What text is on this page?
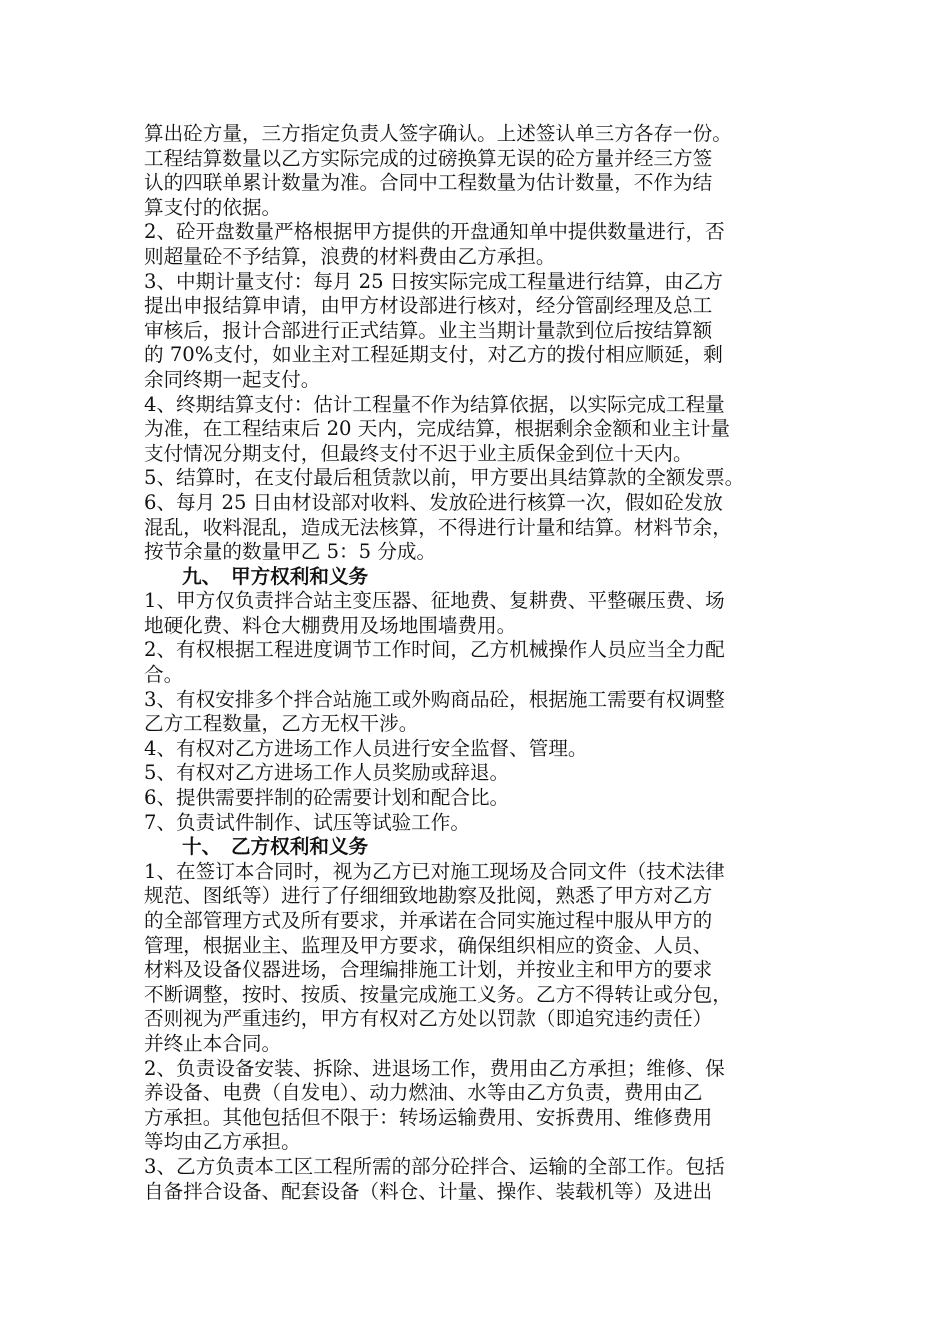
算出砼方量，三方指定负责人签字确认。上述签认单三方各存一份。
工程结算数量以乙方实际完成的过磅换算无误的砼方量并经三方签
认的四联单累计数量为准。合同中工程数量为估计数量，不作为结
算支付的依据。
2、砼开盘数量严格根据甲方提供的开盘通知单中提供数量进行，否
则超量砼不予结算，浪费的材料费由乙方承担。
3、中期计量支付：每月 25 日按实际完成工程量进行结算，由乙方
提出申报结算申请，由甲方材设部进行核对，经分管副经理及总工
审核后，报计合部进行正式结算。业主当期计量款到位后按结算额
的 70%支付，如业主对工程延期支付，对乙方的拨付相应顺延，剩
余同终期一起支付。
4、终期结算支付：估计工程量不作为结算依据，以实际完成工程量
为准，在工程结束后 20 天内，完成结算，根据剩余金额和业主计量
支付情况分期支付，但最终支付不迟于业主质保金到位十天内。
5、结算时，在支付最后租赁款以前，甲方要出具结算款的全额发票。
6、每月 25 日由材设部对收料、发放砼进行核算一次，假如砼发放
混乱，收料混乱，造成无法核算，不得进行计量和结算。材料节余，
按节余量的数量甲乙 5：5 分成。
九、　甲方权利和义务
1、甲方仅负责拌合站主变压器、征地费、复耕费、平整碾压费、场
地硬化费、料仓大棚费用及场地围墙费用。
2、有权根据工程进度调节工作时间，乙方机械操作人员应当全力配
合。
3、有权安排多个拌合站施工或外购商品砼，根据施工需要有权调整
乙方工程数量，乙方无权干涉。
4、有权对乙方进场工作人员进行安全监督、管理。
5、有权对乙方进场工作人员奖励或辞退。
6、提供需要拌制的砼需要计划和配合比。
7、负责试件制作、试压等试验工作。
十、　乙方权利和义务
1、在签订本合同时，视为乙方已对施工现场及合同文件（技术法律
规范、图纸等）进行了仔细细致地勘察及批阅，熟悉了甲方对乙方
的全部管理方式及所有要求，并承诺在合同实施过程中服从甲方的
管理，根据业主、监理及甲方要求，确保组织相应的资金、人员、
材料及设备仪器进场，合理编排施工计划，并按业主和甲方的要求
不断调整，按时、按质、按量完成施工义务。乙方不得转让或分包，
否则视为严重违约，甲方有权对乙方处以罚款（即追究违约责任）
并终止本合同。
2、负责设备安装、拆除、进退场工作，费用由乙方承担；维修、保
养设备、电费（自发电）、动力燃油、水等由乙方负责，费用由乙
方承担。其他包括但不限于：转场运输费用、安拆费用、维修费用
等均由乙方承担。
3、乙方负责本工区工程所需的部分砼拌合、运输的全部工作。包括
自备拌合设备、配套设备（料仓、计量、操作、装载机等）及进出
